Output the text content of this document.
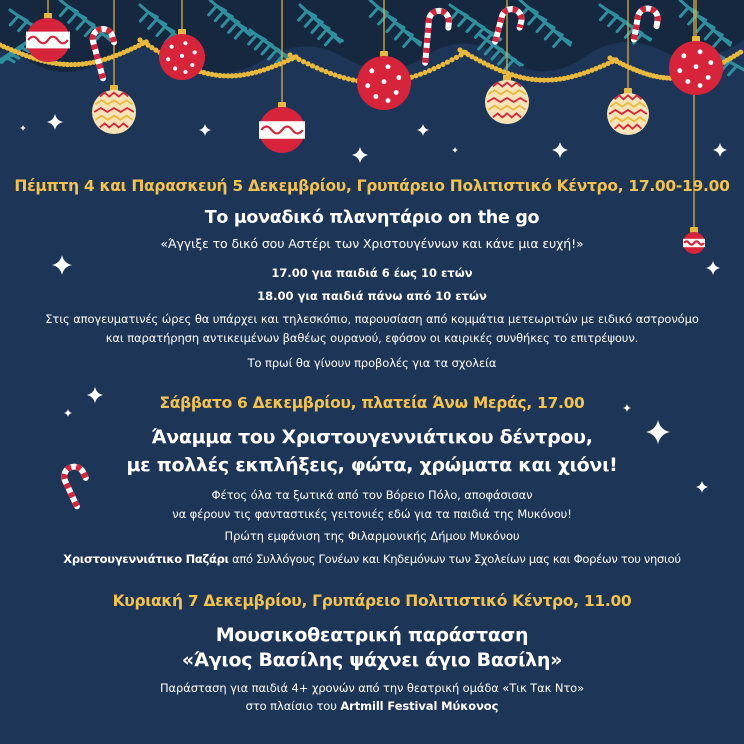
Πέμπτη 4 και Παρασκευή 5 Δεκεμβρίου, Γρυπάρειο Πολιτιστικό Κέντρο, 17.00-19.00
Το μοναδικό πλανητάριο on the go
«Άγγιξε το δικό σου Αστέρι των Χριστουγέννων και κάνε μια ευχή!»
17.00 για παιδιά 6 έως 10 ετών
18.00 για παιδιά πάνω από 10 ετών
Στις απογευματινές ώρες θα υπάρχει και τηλεσκόπιο, παρουσίαση από κομμάτια μετεωριτών με ειδικό αστρονόμο
και παρατήρηση αντικειμένων βαθέως ουρανού, εφόσον οι καιρικές συνθήκες το επιτρέψουν.
Το πρωί θα γίνουν προβολές για τα σχολεία
Σάββατο 6 Δεκεμβρίου, πλατεία Άνω Μεράς, 17.00
Άναμμα του Χριστουγεννιάτικου δέντρου,
με πολλές εκπλήξεις, φώτα, χρώματα και χιόνι!
Φέτος όλα τα ξωτικά από τον Βόρειο Πόλο, αποφάσισαν
να φέρουν τις φανταστικές γειτονιές εδώ για τα παιδιά της Μυκόνου!
Πρώτη εμφάνιση της Φιλαρμονικής Δήμου Μυκόνου
Χριστουγεννιάτικο Παζάρι από Συλλόγους Γονέων και Κηδεμόνων των Σχολείων μας και Φορέων του νησιού
Κυριακή 7 Δεκεμβρίου, Γρυπάρειο Πολιτιστικό Κέντρο, 11.00
Μουσικοθεατρική παράσταση
«Άγιος Βασίλης ψάχνει άγιο Βασίλη»
Παράσταση για παιδιά 4+ χρονών από την θεατρική ομάδα «Τικ Τακ Ντο»
στο πλαίσιο του Artmill Festival Μύκονος
